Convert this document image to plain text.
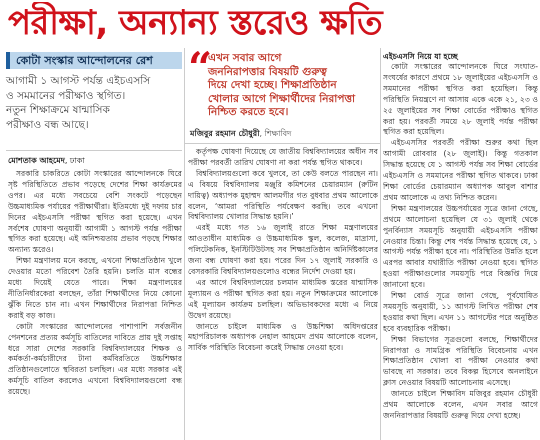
পরীক্ষা, অন্যান্য স্তরেও ক্ষতি
কোটা সংস্কার আন্দোলনের রেশ
আগামী ১ আগস্ট পর্যন্ত এইচএসসি
ও সমমানের পরীক্ষাও স্থগিত।
নতুন শিক্ষাক্রমে ষান্মাসিক
পরীক্ষাও বন্ধ আছে।
“
এখন সবার আগে
জননিরাপত্তার বিষয়টি গুরুত্ব
দিয়ে দেখা হচ্ছে। শিক্ষাপ্রতিষ্ঠান
খোলার আগে শিক্ষার্থীদের নিরাপত্তা
নিশ্চিত করতে হবে।
মজিবুর রহমান চৌধুরী, শিক্ষাবিদ
মোশতাক আহমেদ, ঢাকা

সরকারি চাকরিতে কোটা সংস্কারের আন্দোলনকে ঘিরে সৃষ্ট পরিস্থিতিতে প্রভাব পড়েছে দেশের শিক্ষা কার্যক্রমের ওপর। এর মধ্যে সবচেয়ে বেশি সংকটে পড়েছেন উচ্চমাধ্যমিক পর্যায়ের পরীক্ষার্থীরা। ইতিমধ্যে দুই দফায় চার দিনের এইচএসসি পরীক্ষা স্থগিত করা হয়েছে। এখন সর্বশেষ ঘোষণা অনুযায়ী আগামী ১ আগস্ট পর্যন্ত পরীক্ষা স্থগিত করা হয়েছে। এই অনিশ্চয়তায় প্রভাব পড়ছে শিক্ষার অন্যান্য স্তরেও।

শিক্ষা মন্ত্রণালয় মনে করছে, এখনো শিক্ষাপ্রতিষ্ঠান খুলে দেওয়ার মতো পরিবেশ তৈরি হয়নি। চলতি মাস বন্ধের মধ্যে দিয়েই যেতে পারে। শিক্ষা মন্ত্রণালয়ের নীতিনির্ধারকেরা বলছেন, তাঁরা শিক্ষার্থীদের নিয়ে কোনো ঝুঁকি নিতে চান না। এখন শিক্ষার্থীদের নিরাপত্তা নিশ্চিত করাই বড় কাজ।

কোটা সংস্কারের আন্দোলনের পাশাপাশি সর্বজনীন পেনশনের প্রত্যয় কর্মসূচি বাতিলের দাবিতে প্রায় দুই সপ্তাহ ধরে সারা দেশের সরকারি বিশ্ববিদ্যালয়ের শিক্ষক ও কর্মকর্তা-কর্মচারীদের টানা কর্মবিরতিতে উচ্চশিক্ষার প্রতিষ্ঠানগুলোতে স্থবিরতা চলছিল। এর মধ্যে সরকার এই কর্মসূচি বাতিল করলেও এখনো বিশ্ববিদ্যালয়গুলো বন্ধ রয়েছে।

কর্তৃপক্ষ ঘোষণা দিয়েছে যে জাতীয় বিশ্ববিদ্যালয়ের অধীন সব পরীক্ষা পরবর্তী তারিখ ঘোষণা না করা পর্যন্ত স্থগিত থাকবে।

বিশ্ববিদ্যালয়গুলো কবে খুলবে, তা কেউ বলতে পারছেন না। এ বিষয়ে বিশ্ববিদ্যালয় মঞ্জুরি কমিশনের চেয়ারম্যান (রুটিন দায়িত্ব) অধ্যাপক মুহাম্মদ আলমগীর গত বুধবার প্রথম আলোকে বলেন, ‘আমরা পরিস্থিতি পর্যবেক্ষণ করছি। তবে এখনো বিশ্ববিদ্যালয় খোলার সিদ্ধান্ত হয়নি।’

এরই মধ্যে গত ১৬ জুলাই রাতে শিক্ষা মন্ত্রণালয়ের আওতাধীন মাধ্যমিক ও উচ্চমাধ্যমিক স্কুল, কলেজ, মাদ্রাসা, পলিটেকনিক, ইনস্টিটিউটসহ সব শিক্ষাপ্রতিষ্ঠান অনির্দিষ্টকালের জন্য বন্ধ ঘোষণা করা হয়। পরের দিন ১৭ জুলাই সরকারি ও বেসরকারি বিশ্ববিদ্যালয়গুলোও বন্ধের নির্দেশ দেওয়া হয়।

এর আগে বিশ্ববিদ্যালয়ের চলমান মাধ্যমিক স্তরের ষান্মাসিক মূল্যায়ন ও পরীক্ষা স্থগিত করা হয়। নতুন শিক্ষাক্রমের আলোকে এই মূল্যায়ন কার্যক্রম চলছিল। অভিভাবকদের মধ্যে এ নিয়ে উদ্বেগ রয়েছে।

জানতে চাইলে মাধ্যমিক ও উচ্চশিক্ষা অধিদপ্তরের মহাপরিচালক অধ্যাপক নেহাল আহমেদ প্রথম আলোকে বলেন, সার্বিক পরিস্থিতি বিবেচনা করেই সিদ্ধান্ত নেওয়া হবে।

এইচএসসি নিয়ে যা হচ্ছে

কোটা সংস্কারের আন্দোলনকে ঘিরে সংঘাত-সংঘর্ষের কারণে প্রথমে ১৮ জুলাইয়ের এইচএসসি ও সমমানের পরীক্ষা স্থগিত করা হয়েছিল। কিন্তু পরিস্থিতি নিয়ন্ত্রণে না আসায় একে একে ২১, ২৩ ও ২৫ জুলাইয়ের সব শিক্ষা বোর্ডের পরীক্ষাও স্থগিত করা হয়। পরবর্তী সময়ে ২৮ জুলাই পর্যন্ত পরীক্ষা স্থগিত করা হয়েছিল।

এইচএসসির পরবর্তী পরীক্ষা শুরুর কথা ছিল আগামী রোববার (২৮ জুলাই)। কিন্তু গতকাল সিদ্ধান্ত হয়েছে যে ১ আগস্ট পর্যন্ত সব শিক্ষা বোর্ডের এইচএসসি ও সমমানের পরীক্ষা স্থগিত থাকবে। ঢাকা শিক্ষা বোর্ডের চেয়ারম্যান অধ্যাপক আবুল বাশার প্রথম আলোকে এ তথ্য নিশ্চিত করেন।

শিক্ষা মন্ত্রণালয়ের উচ্চপর্যায়ের সূত্রে জানা গেছে, প্রথমে আলোচনা হয়েছিল যে ৩১ জুলাই থেকে পুনর্বিন্যাস সময়সূচি অনুযায়ী এইচএসসি পরীক্ষা নেওয়ার চিন্তা। কিন্তু শেষ পর্যন্ত সিদ্ধান্ত হয়েছে যে, ১ আগস্ট পর্যন্ত পরীক্ষা হবে না। পরিস্থিতির উন্নতি হলে এরপর আবার যথারীতি পরীক্ষা নেওয়া হবে। স্থগিত হওয়া পরীক্ষাগুলোর সময়সূচি পরে বিজ্ঞপ্তি দিয়ে জানানো হবে।

শিক্ষা বোর্ড সূত্রে জানা গেছে, পূর্বঘোষিত সময়সূচি অনুযায়ী, ১১ আগস্ট লিখিত পরীক্ষা শেষ হওয়ার কথা ছিল। এখন ১১ আগস্টের পরে অনুষ্ঠিত হবে ব্যবহারিক পরীক্ষা।

শিক্ষা বিভাগের সূত্রগুলো বলছে, শিক্ষার্থীদের নিরাপত্তা ও সামগ্রিক পরিস্থিতি বিবেচনায় এখন শিক্ষাপ্রতিষ্ঠান খোলা বা পরীক্ষা নেওয়ার কথা ভাবছে না সরকার। তবে বিকল্প হিসেবে অনলাইনে ক্লাস নেওয়ার বিষয়টি আলোচনায় এসেছে।

জানতে চাইলে শিক্ষাবিদ মজিবুর রহমান চৌধুরী প্রথম আলোকে বলেন, এখন সবার আগে জননিরাপত্তার বিষয়টি গুরুত্ব দিয়ে দেখা হচ্ছে।
